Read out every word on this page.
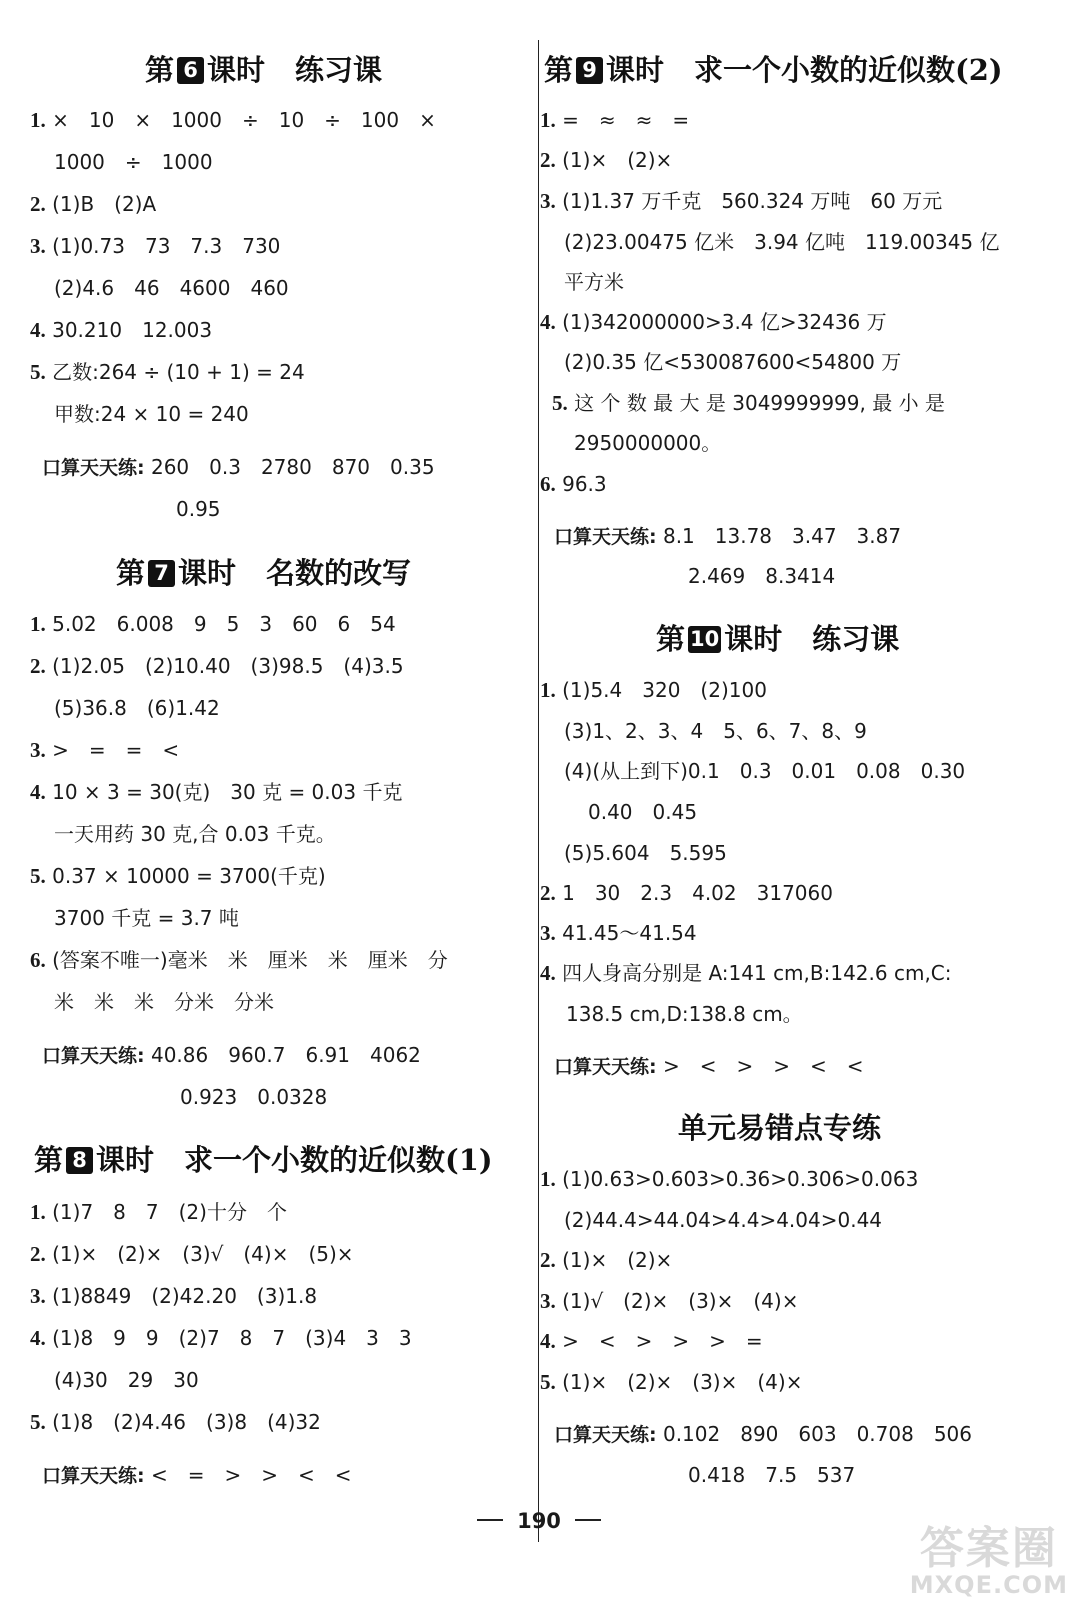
第 6 课时 练习课
1. ×　10　×　1000　÷　10　÷　100　×
1000　÷　1000
2. (1)B　(2)A
3. (1)0.73　73　7.3　730
(2)4.6　46　4600　460
4. 30.210　12.003
5. 乙数:264 ÷ (10 + 1) = 24
甲数:24 × 10 = 240
口算天天练: 260　0.3　2780　870　0.35
0.95
第 7 课时 名数的改写
1. 5.02　6.008　9　5　3　60　6　54
2. (1)2.05　(2)10.40　(3)98.5　(4)3.5
(5)36.8　(6)1.42
3. >　=　=　<
4. 10 × 3 = 30(克)　30 克 = 0.03 千克
一天用药 30 克,合 0.03 千克。
5. 0.37 × 10000 = 3700(千克)
3700 千克 = 3.7 吨
6. (答案不唯一)毫米　米　厘米　米　厘米　分
米　米　米　分米　分米
口算天天练: 40.86　960.7　6.91　4062
0.923　0.0328
第 8 课时 求一个小数的近似数(1)
1. (1)7　8　7　(2)十分　个
2. (1)×　(2)×　(3)√　(4)×　(5)×
3. (1)8849　(2)42.20　(3)1.8
4. (1)8　9　9　(2)7　8　7　(3)4　3　3
(4)30　29　30
5. (1)8　(2)4.46　(3)8　(4)32
口算天天练: <　=　>　>　<　<
第 9 课时 求一个小数的近似数(2)
1. =　≈　≈　=
2. (1)×　(2)×
3. (1)1.37 万千克　560.324 万吨　60 万元
(2)23.00475 亿米　3.94 亿吨　119.00345 亿
平方米
4. (1)342000000>3.4 亿>32436 万
(2)0.35 亿<530087600<54800 万
5. 这 个 数 最 大 是 3049999999, 最 小 是
2950000000。
6. 96.3
口算天天练: 8.1　13.78　3.47　3.87
2.469　8.3414
第 10 课时 练习课
1. (1)5.4　320　(2)100
(3)1、2、3、4　5、6、7、8、9
(4)(从上到下)0.1　0.3　0.01　0.08　0.30
0.40　0.45
(5)5.604　5.595
2. 1　30　2.3　4.02　317060
3. 41.45～41.54
4. 四人身高分别是 A:141 cm,B:142.6 cm,C:
138.5 cm,D:138.8 cm。
口算天天练: >　<　>　>　<　<
单元易错点专练
1. (1)0.63>0.603>0.36>0.306>0.063
(2)44.4>44.04>4.4>4.04>0.44
2. (1)×　(2)×
3. (1)√　(2)×　(3)×　(4)×
4. >　<　>　>　>　=
5. (1)×　(2)×　(3)×　(4)×
口算天天练: 0.102　890　603　0.708　506
0.418　7.5　537
190
答案圈
MXQE.COM
